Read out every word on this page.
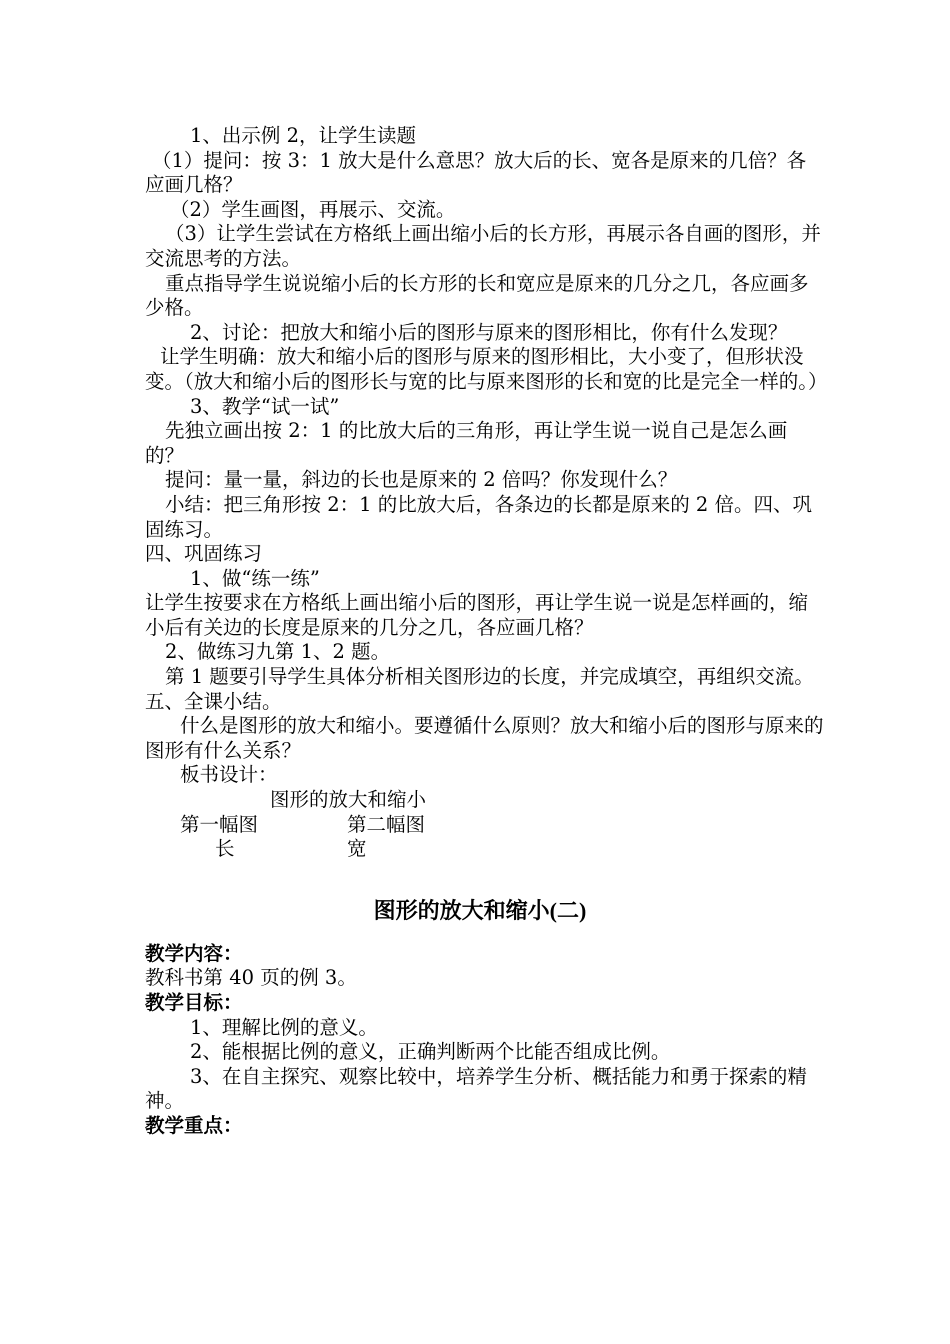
1、出示例 2，让学生读题

（1）提问：按 3：1 放大是什么意思？放大后的长、宽各是原来的几倍？各应画几格？

（2）学生画图，再展示、交流。

（3）让学生尝试在方格纸上画出缩小后的长方形，再展示各自画的图形，并交流思考的方法。

重点指导学生说说缩小后的长方形的长和宽应是原来的几分之几，各应画多少格。

2、讨论：把放大和缩小后的图形与原来的图形相比，你有什么发现？

让学生明确：放大和缩小后的图形与原来的图形相比，大小变了，但形状没变。（放大和缩小后的图形长与宽的比与原来图形的长和宽的比是完全一样的。）

3、教学“试一试”

先独立画出按 2：1 的比放大后的三角形，再让学生说一说自己是怎么画的？

提问：量一量，斜边的长也是原来的 2 倍吗？你发现什么？

小结：把三角形按 2：1 的比放大后，各条边的长都是原来的 2 倍。四、巩固练习。

四、巩固练习

1、做“练一练”

让学生按要求在方格纸上画出缩小后的图形，再让学生说一说是怎样画的，缩小后有关边的长度是原来的几分之几，各应画几格？

2、做练习九第 1、2 题。

第 1 题要引导学生具体分析相关图形边的长度，并完成填空，再组织交流。

五、全课小结。

什么是图形的放大和缩小。要遵循什么原则？放大和缩小后的图形与原来的图形有什么关系？

板书设计：

图形的放大和缩小
第一幅图	第二幅图
长	宽
图形的放大和缩小(二)

教学内容：

教科书第 40 页的例 3。

教学目标：

1、理解比例的意义。

2、能根据比例的意义，正确判断两个比能否组成比例。

3、在自主探究、观察比较中，培养学生分析、概括能力和勇于探索的精神。

教学重点：
